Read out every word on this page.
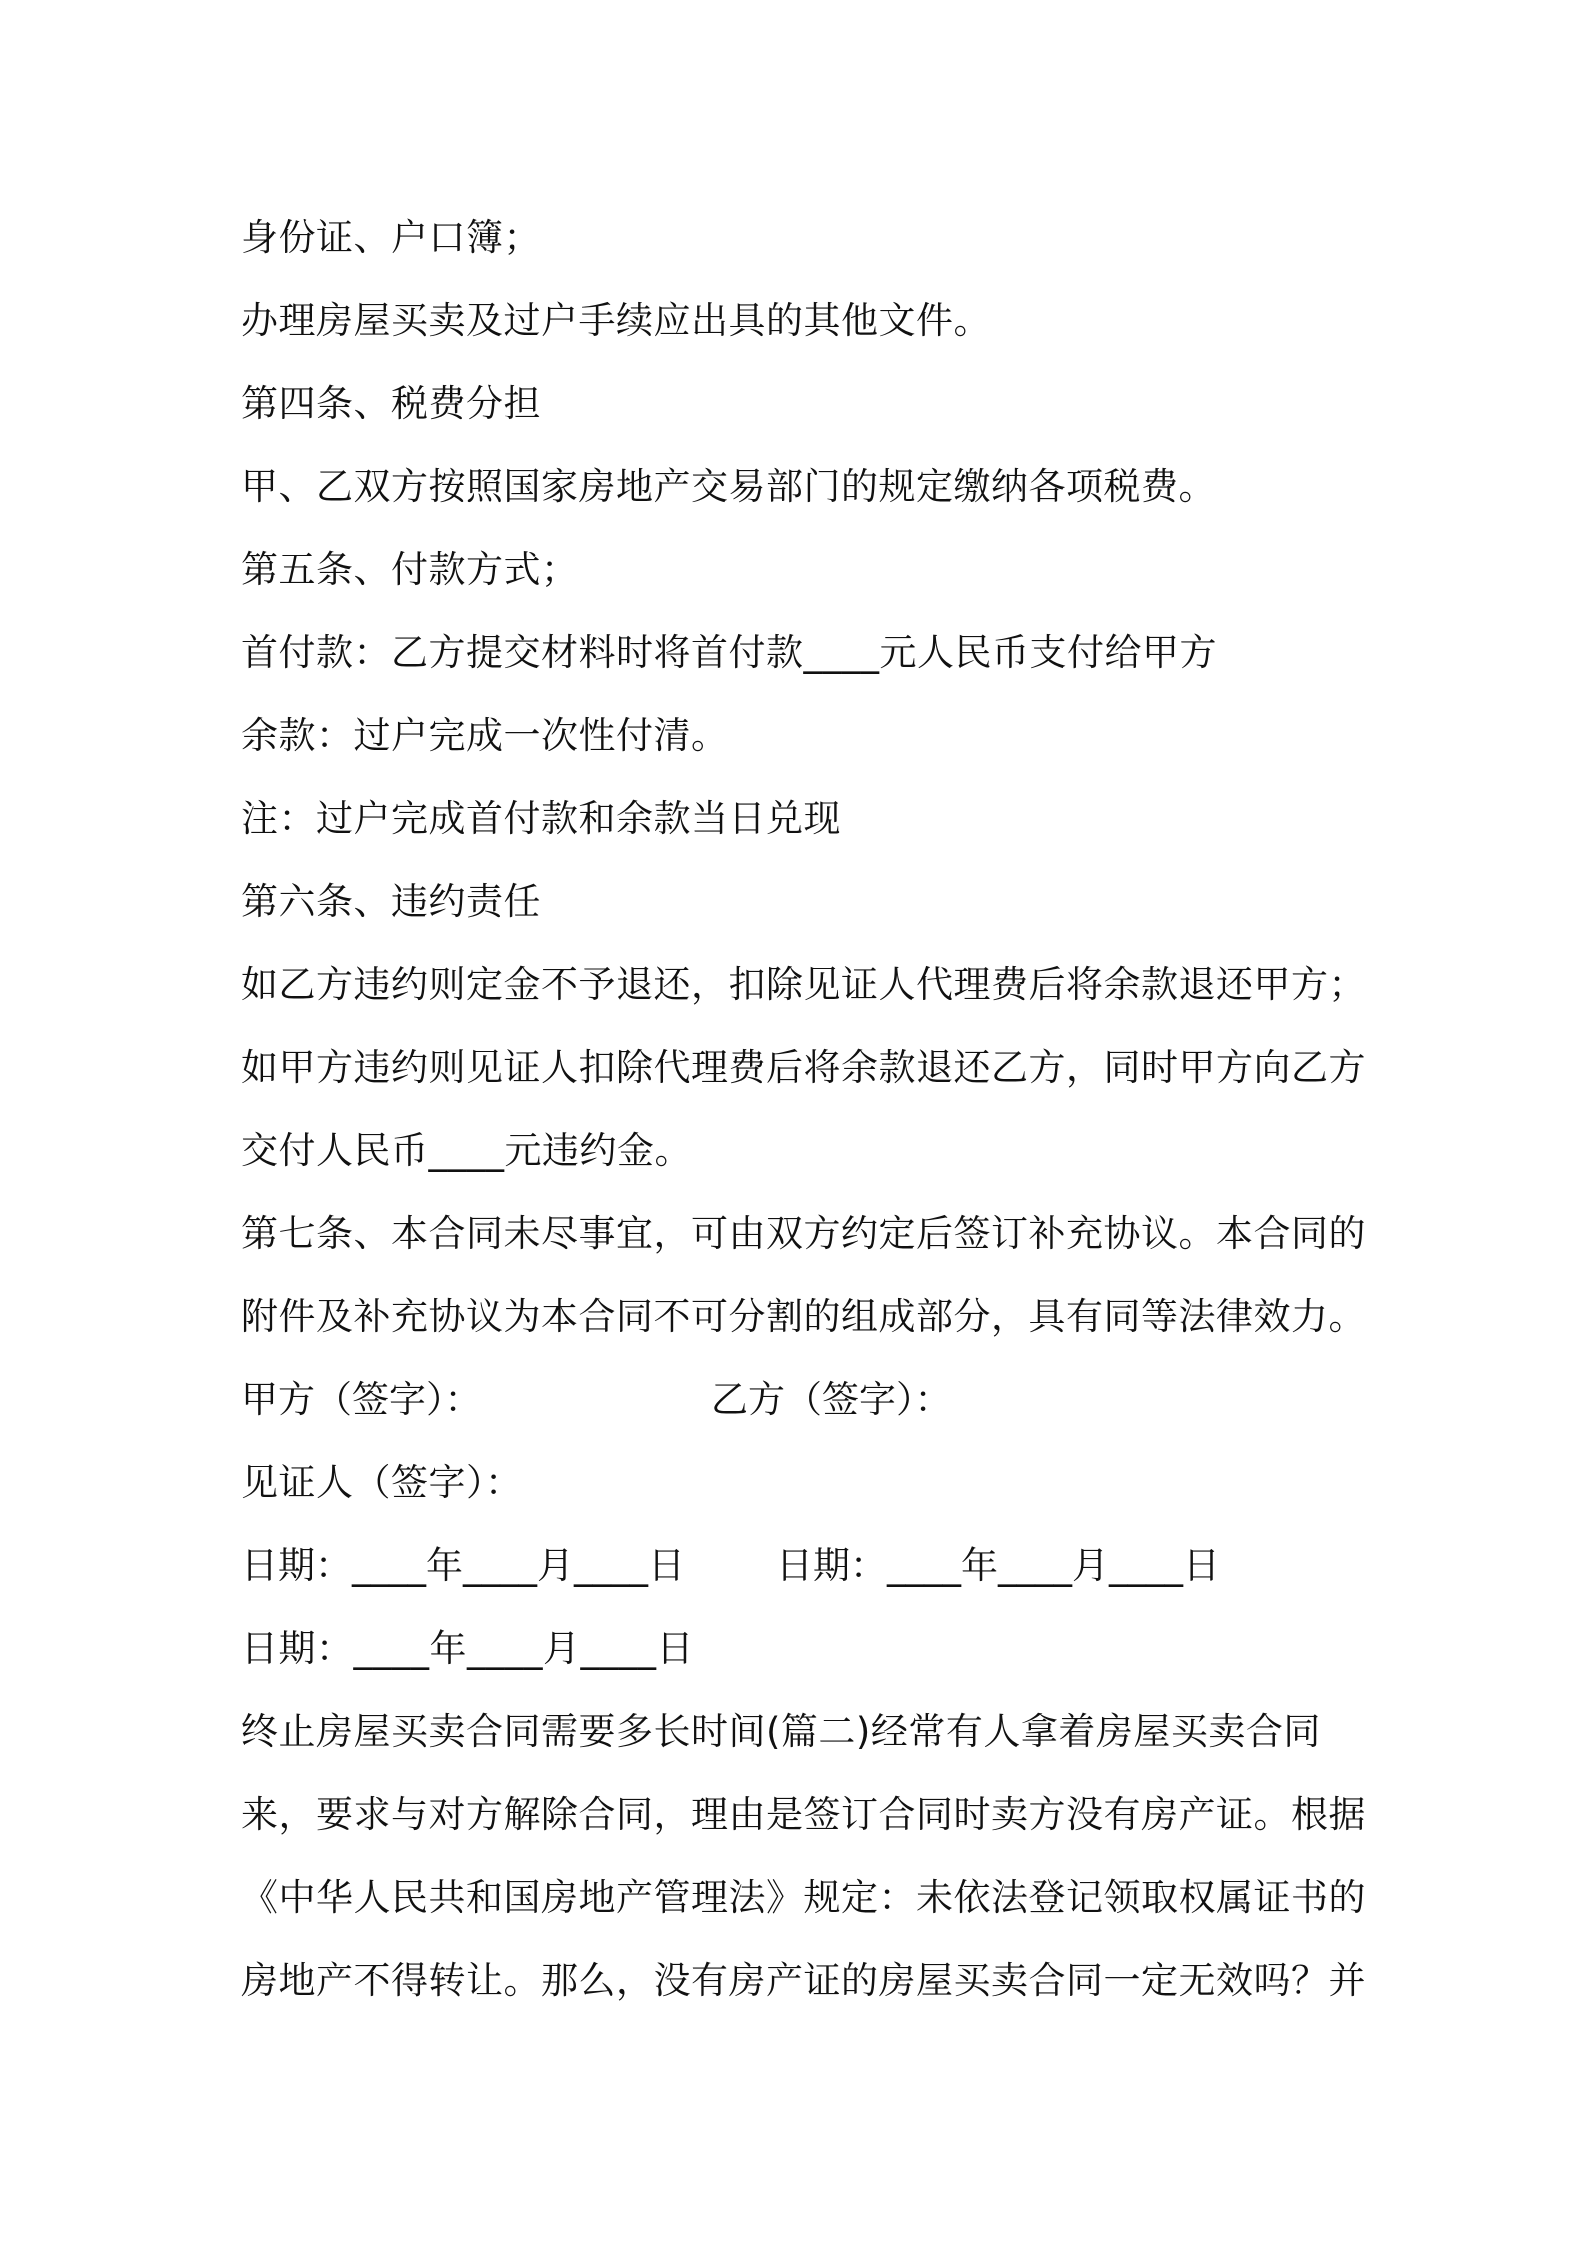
身份证、户口簿；
办理房屋买卖及过户手续应出具的其他文件。
第四条、税费分担
甲、乙双方按照国家房地产交易部门的规定缴纳各项税费。
第五条、付款方式；
首付款：乙方提交材料时将首付款____元人民币支付给甲方
余款：过户完成一次性付清。
注：过户完成首付款和余款当日兑现
第六条、违约责任
如乙方违约则定金不予退还，扣除见证人代理费后将余款退还甲方；
如甲方违约则见证人扣除代理费后将余款退还乙方，同时甲方向乙方
交付人民币____元违约金。
第七条、本合同未尽事宜，可由双方约定后签订补充协议。本合同的
附件及补充协议为本合同不可分割的组成部分，具有同等法律效力。
甲方（签字）：	乙方（签字）：
见证人（签字）：
日期：____年____月____日	日期：____年____月____日
日期：____年____月____日
终止房屋买卖合同需要多长时间(篇二)经常有人拿着房屋买卖合同
来，要求与对方解除合同，理由是签订合同时卖方没有房产证。根据
《中华人民共和国房地产管理法》规定：未依法登记领取权属证书的
房地产不得转让。那么，没有房产证的房屋买卖合同一定无效吗？并
